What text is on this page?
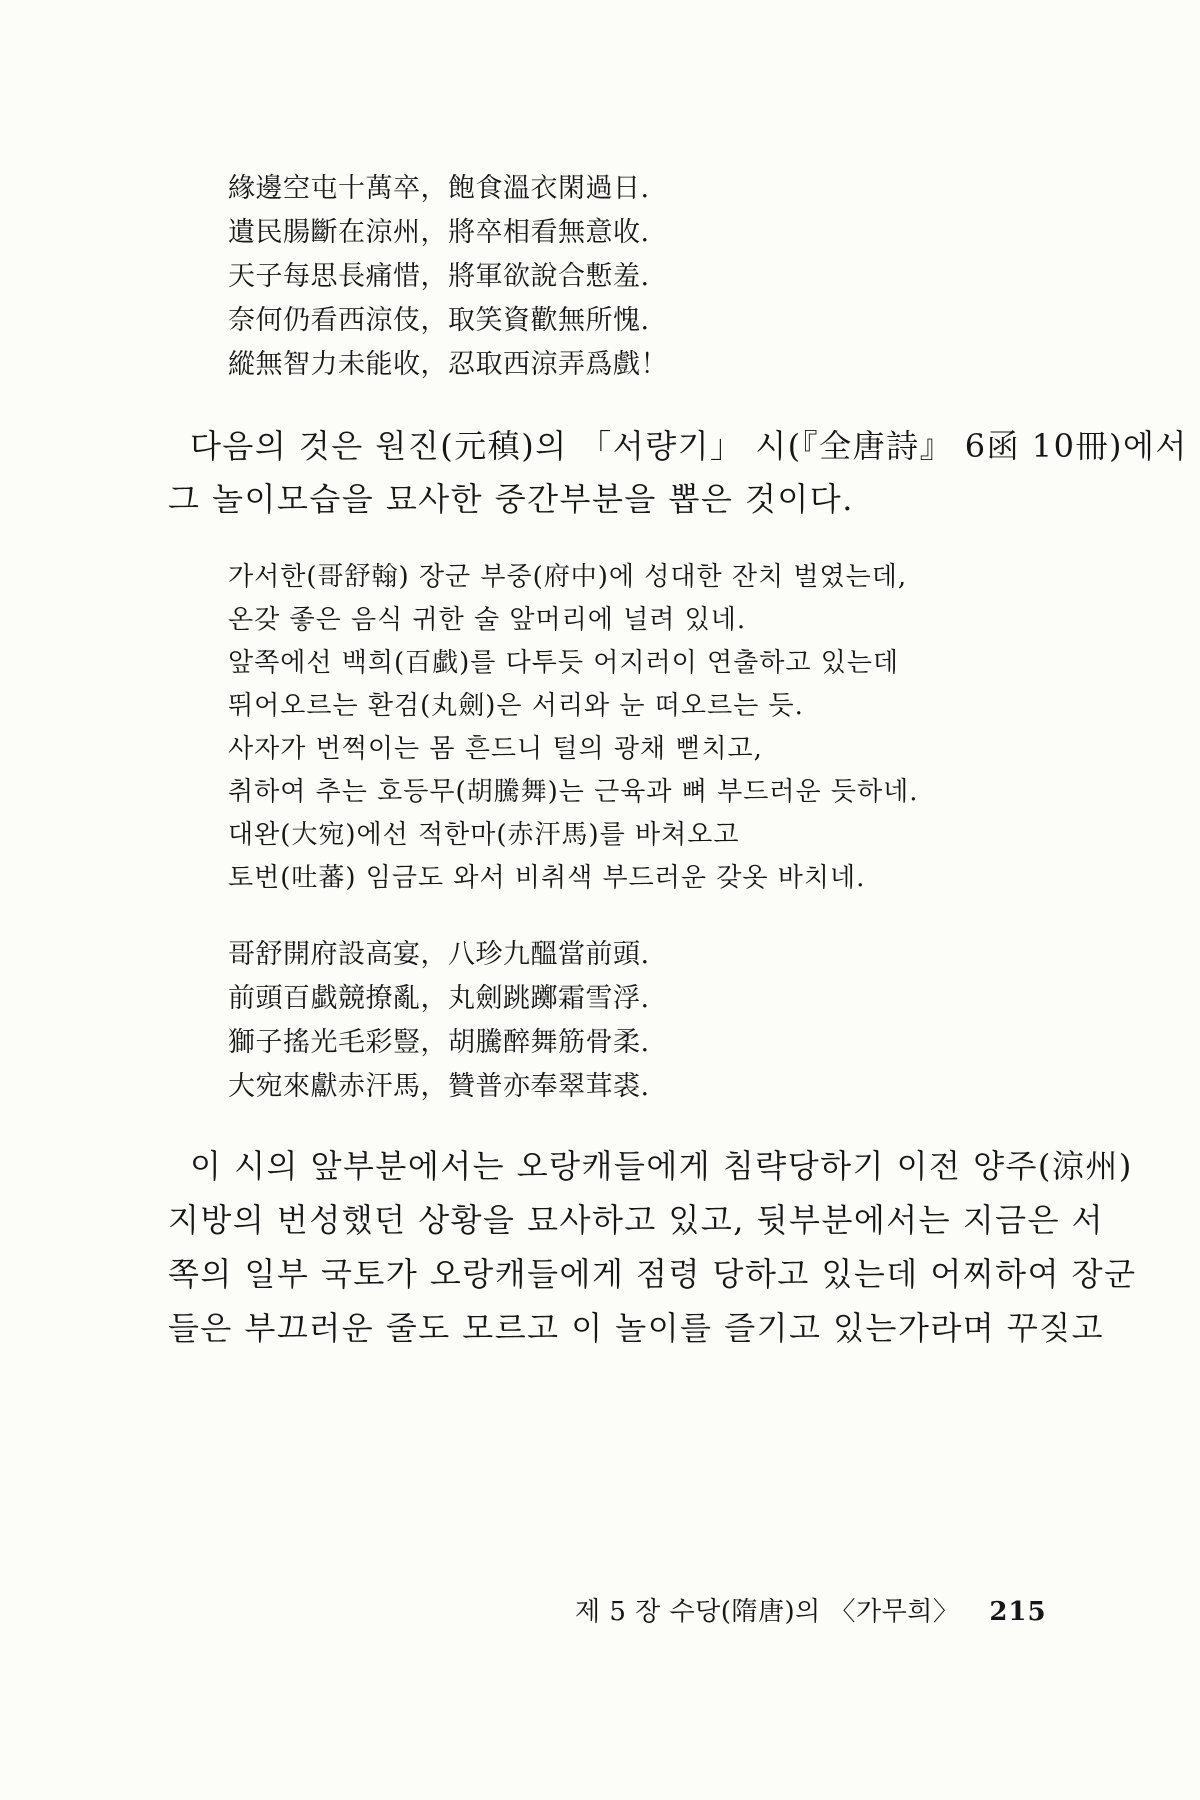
緣邊空屯十萬卒，飽食溫衣閑過日.
遺民腸斷在涼州，將卒相看無意收.
天子每思長痛惜，將軍欲說合慙羞.
奈何仍看西涼伎，取笑資歡無所愧.
縱無智力未能收，忍取西涼弄爲戲！
다음의 것은 원진(元稹)의 「서량기」 시(『全唐詩』 6函 10冊)에서
그 놀이모습을 묘사한 중간부분을 뽑은 것이다.
가서한(哥舒翰) 장군 부중(府中)에 성대한 잔치 벌였는데,
온갖 좋은 음식 귀한 술 앞머리에 널려 있네.
앞쪽에선 백희(百戱)를 다투듯 어지러이 연출하고 있는데
뛰어오르는 환검(丸劍)은 서리와 눈 떠오르는 듯.
사자가 번쩍이는 몸 흔드니 털의 광채 뻗치고,
취하여 추는 호등무(胡騰舞)는 근육과 뼈 부드러운 듯하네.
대완(大宛)에선 적한마(赤汗馬)를 바쳐오고
토번(吐蕃) 임금도 와서 비취색 부드러운 갖옷 바치네.
哥舒開府設高宴，八珍九醞當前頭.
前頭百戱競撩亂，丸劍跳躑霜雪浮.
獅子搖光毛彩豎，胡騰醉舞筋骨柔.
大宛來獻赤汗馬，贊普亦奉翠茸裘.
이 시의 앞부분에서는 오랑캐들에게 침략당하기 이전 양주(涼州)
지방의 번성했던 상황을 묘사하고 있고, 뒷부분에서는 지금은 서
쪽의 일부 국토가 오랑캐들에게 점령 당하고 있는데 어찌하여 장군
들은 부끄러운 줄도 모르고 이 놀이를 즐기고 있는가라며 꾸짖고
제 5 장 수당(隋唐)의 〈가무희〉 215
